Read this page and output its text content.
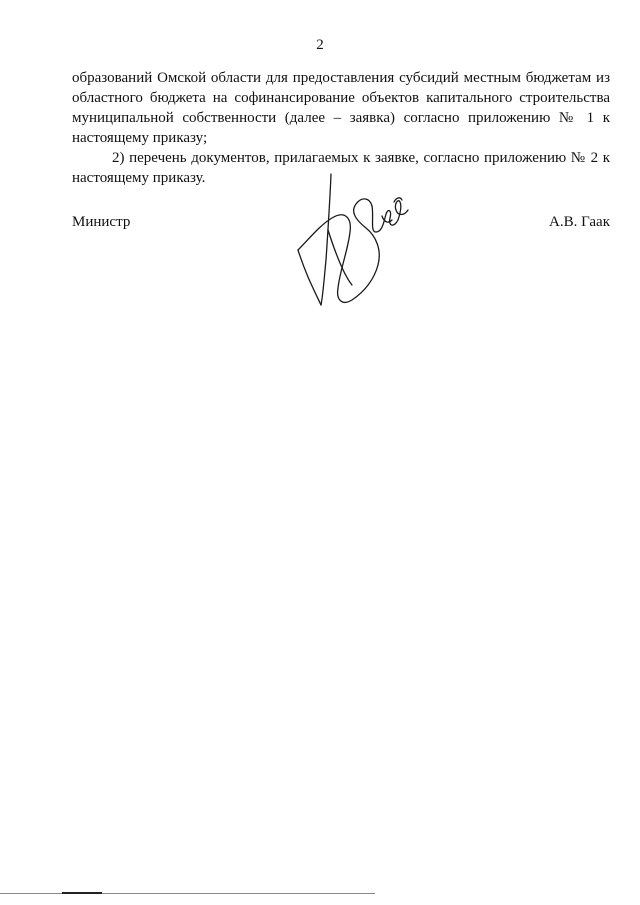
2

образований Омской области для предоставления субсидий местным бюджетам из областного бюджета на софинансирование объектов капитального строительства муниципальной собственности (далее – заявка) согласно приложению № 1 к настоящему приказу;

2) перечень документов, прилагаемых к заявке, согласно приложению № 2 к настоящему приказу.

Министр	А.В. Гаак
